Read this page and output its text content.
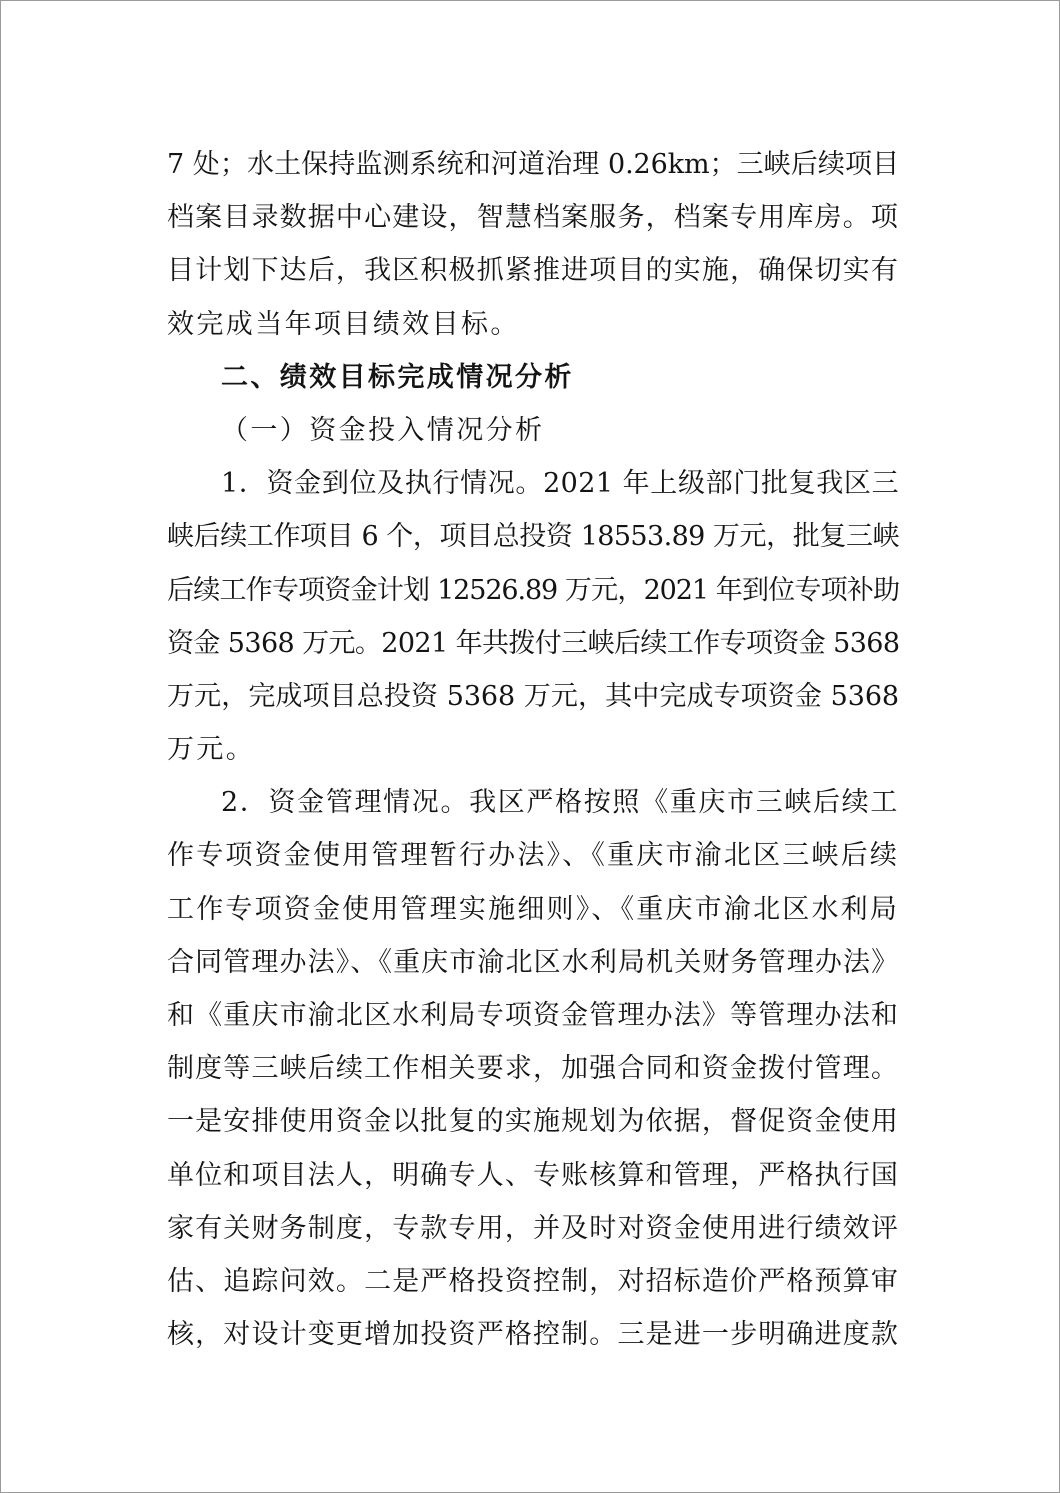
7 处；水土保持监测系统和河道治理 0.26km；三峡后续项目
档案目录数据中心建设，智慧档案服务，档案专用库房。项
目计划下达后，我区积极抓紧推进项目的实施，确保切实有
效完成当年项目绩效目标。
二、绩效目标完成情况分析
（一）资金投入情况分析
1．资金到位及执行情况。2021 年上级部门批复我区三
峡后续工作项目 6 个，项目总投资 18553.89 万元，批复三峡
后续工作专项资金计划 12526.89 万元，2021 年到位专项补助
资金 5368 万元。2021 年共拨付三峡后续工作专项资金 5368
万元，完成项目总投资 5368 万元，其中完成专项资金 5368
万元。
2．资金管理情况。我区严格按照《重庆市三峡后续工
作专项资金使用管理暂行办法》、《重庆市渝北区三峡后续
工作专项资金使用管理实施细则》、《重庆市渝北区水利局
合同管理办法》、《重庆市渝北区水利局机关财务管理办法》
和《重庆市渝北区水利局专项资金管理办法》等管理办法和
制度等三峡后续工作相关要求，加强合同和资金拨付管理。
一是安排使用资金以批复的实施规划为依据，督促资金使用
单位和项目法人，明确专人、专账核算和管理，严格执行国
家有关财务制度，专款专用，并及时对资金使用进行绩效评
估、追踪问效。二是严格投资控制，对招标造价严格预算审
核，对设计变更增加投资严格控制。三是进一步明确进度款
